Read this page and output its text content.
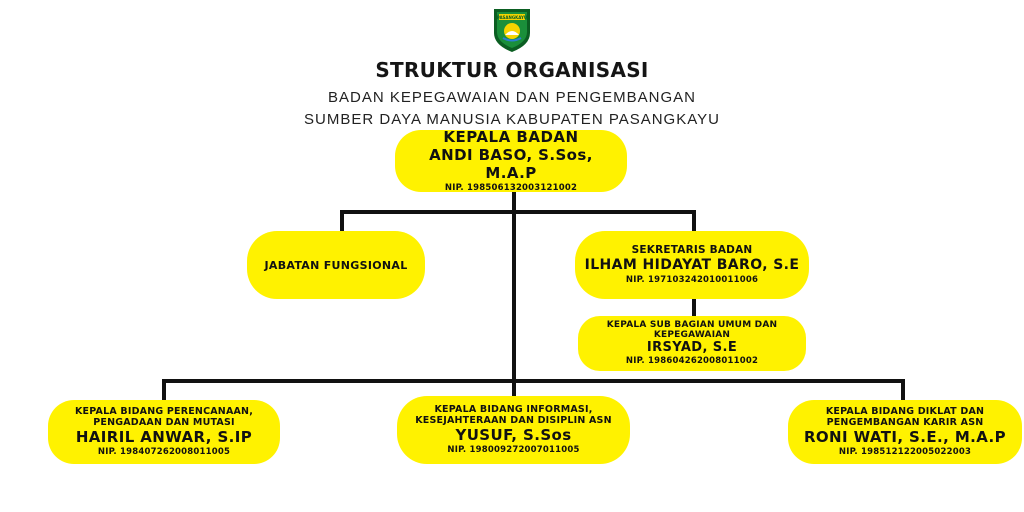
PASANGKAYU
STRUKTUR ORGANISASI
BADAN KEPEGAWAIAN DAN PENGEMBANGAN
SUMBER DAYA MANUSIA KABUPATEN PASANGKAYU
KEPALA BADAN
ANDI BASO, S.Sos, M.A.P
NIP. 198506132003121002
JABATAN FUNGSIONAL
SEKRETARIS BADAN
ILHAM HIDAYAT BARO, S.E
NIP. 197103242010011006
KEPALA SUB BAGIAN UMUM DAN
KEPEGAWAIAN
IRSYAD, S.E
NIP. 198604262008011002
KEPALA BIDANG PERENCANAAN,
PENGADAAN DAN MUTASI
HAIRIL ANWAR, S.IP
NIP. 198407262008011005
KEPALA BIDANG INFORMASI,
KESEJAHTERAAN DAN DISIPLIN ASN
YUSUF, S.Sos
NIP. 198009272007011005
KEPALA BIDANG DIKLAT DAN
PENGEMBANGAN KARIR ASN
RONI WATI, S.E., M.A.P
NIP. 198512122005022003
